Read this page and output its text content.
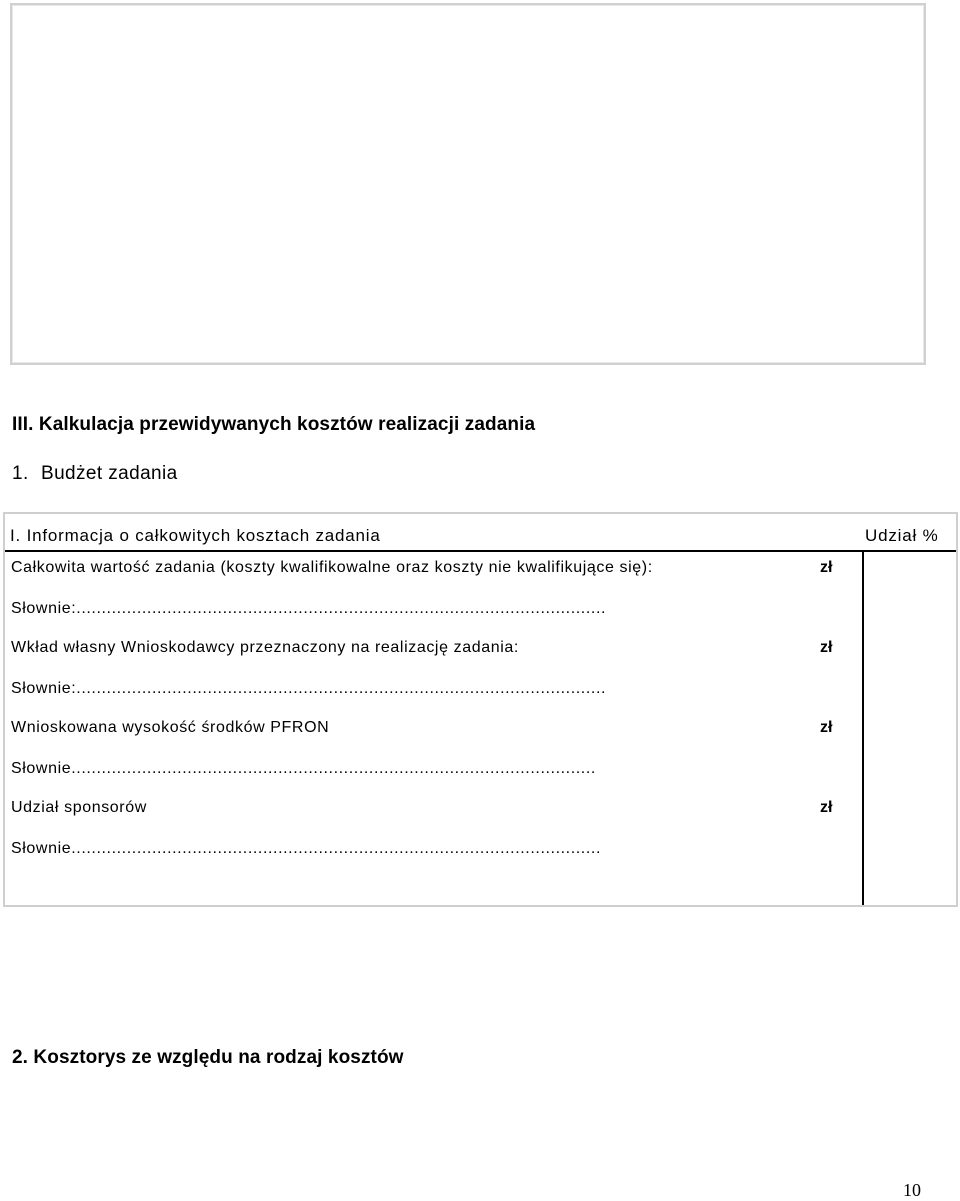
III. Kalkulacja przewidywanych kosztów realizacji zadania
1. Budżet zadania
I. Informacja o całkowitych kosztach zadania	Udział %
Całkowita wartość zadania (koszty kwalifikowalne oraz koszty nie kwalifikujące się):	zł
Słownie:.........................................................................................................
Wkład własny Wnioskodawcy przeznaczony na realizację zadania:	zł
Słownie:.........................................................................................................
Wnioskowana wysokość środków PFRON	zł
Słownie........................................................................................................
Udział sponsorów	zł
Słownie.........................................................................................................
2. Kosztorys ze względu na rodzaj kosztów
10
